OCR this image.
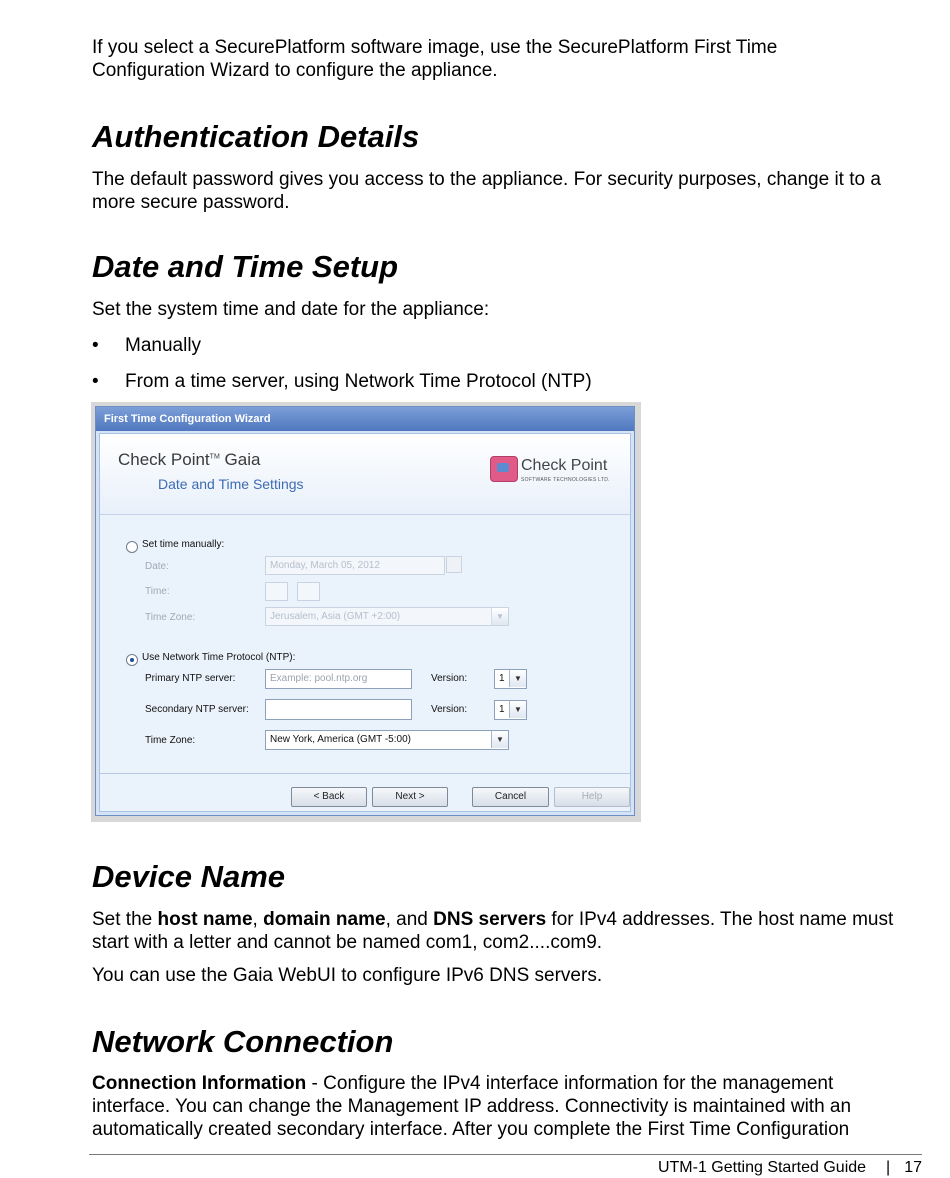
If you select a SecurePlatform software image, use the SecurePlatform First Time Configuration Wizard to configure the appliance.

Authentication Details

The default password gives you access to the appliance. For security purposes, change it to a more secure password.

Date and Time Setup

Set the system time and date for the appliance:

• Manually
• From a time server, using Network Time Protocol (NTP)
First Time Configuration Wizard
Check Point™ Gaia
Date and Time Settings
Check Point
SOFTWARE TECHNOLOGIES LTD.
Set time manually:
Date:	Monday, March 05, 2012
Time:
Time Zone:	Jerusalem, Asia (GMT +2:00)	▼
Use Network Time Protocol (NTP):
Primary NTP server:	Example: pool.ntp.org	Version:	1	▼
Secondary NTP server:	Version:	1	▼
Time Zone:	New York, America (GMT -5:00)	▼
< Back	Next >	Cancel	Help
Device Name

Set the host name, domain name, and DNS servers for IPv4 addresses. The host name must start with a letter and cannot be named com1, com2....com9.

You can use the Gaia WebUI to configure IPv6 DNS servers.

Network Connection

Connection Information - Configure the IPv4 interface information for the management interface. You can change the Management IP address. Connectivity is maintained with an automatically created secondary interface. After you complete the First Time Configuration

UTM-1 Getting Started Guide | 17
